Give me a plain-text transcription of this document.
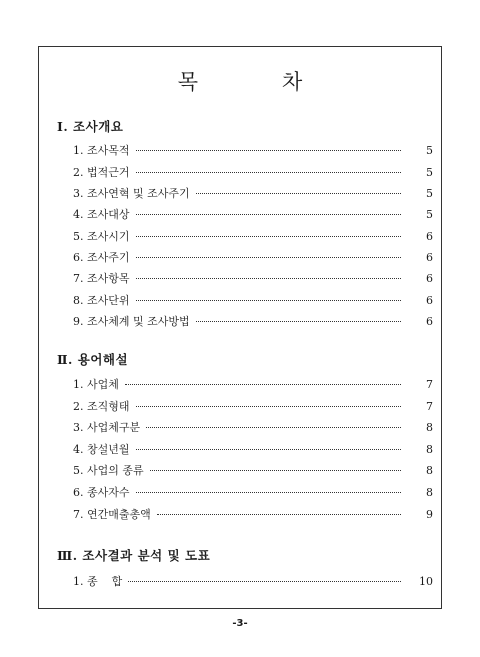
목	차
Ⅰ. 조사개요
1. 조사목적	5
2. 법적근거	5
3. 조사연혁 및 조사주기	5
4. 조사대상	5
5. 조사시기	6
6. 조사주기	6
7. 조사항목	6
8. 조사단위	6
9. 조사체계 및 조사방법	6
Ⅱ. 용어해설
1. 사업체	7
2. 조직형태	7
3. 사업체구분	8
4. 창설년월	8
5. 사업의 종류	8
6. 종사자수	8
7. 연간매출총액	9
Ⅲ. 조사결과 분석 및 도표
1. 종    합	10
-3-
